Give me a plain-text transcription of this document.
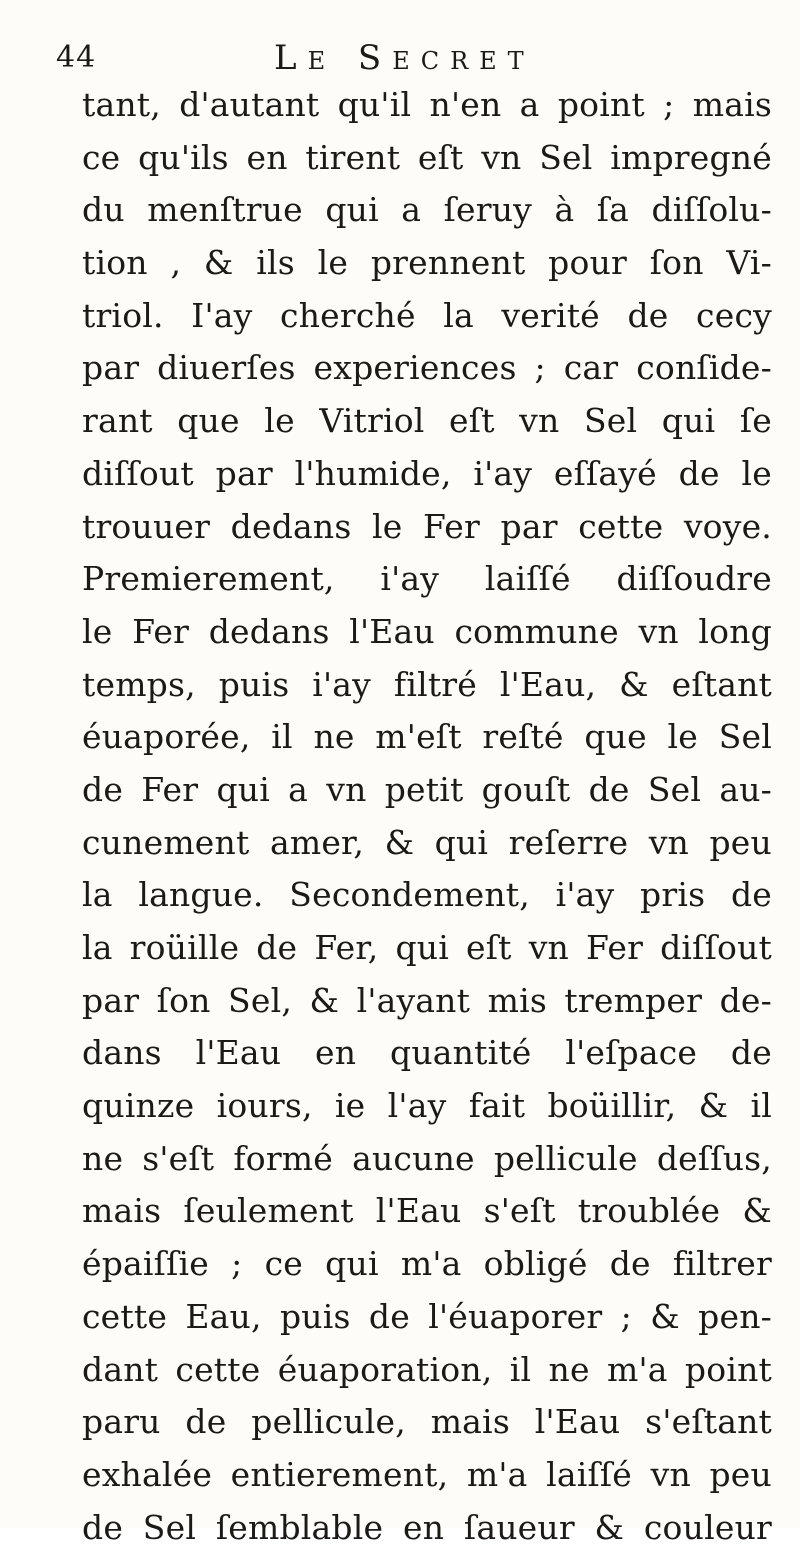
44	Le Secret
tant, d'autant qu'il n'en a point ; mais
ce qu'ils en tirent eſt vn Sel impregné
du menſtrue qui a ſeruy à ſa diſſolu-
tion , & ils le prennent pour ſon Vi-
triol. I'ay cherché la verité de cecy
par diuerſes experiences ; car conſide-
rant que le Vitriol eſt vn Sel qui ſe
diſſout par l'humide, i'ay eſſayé de le
trouuer dedans le Fer par cette voye.
Premierement, i'ay laiſſé diſſoudre
le Fer dedans l'Eau commune vn long
temps, puis i'ay filtré l'Eau, & eſtant
éuaporée, il ne m'eſt reſté que le Sel
de Fer qui a vn petit gouſt de Sel au-
cunement amer, & qui reſerre vn peu
la langue. Secondement, i'ay pris de
la roüille de Fer, qui eſt vn Fer diſſout
par ſon Sel, & l'ayant mis tremper de-
dans l'Eau en quantité l'eſpace de
quinze iours, ie l'ay fait boüillir, & il
ne s'eſt formé aucune pellicule deſſus,
mais ſeulement l'Eau s'eſt troublée &
épaiſſie ; ce qui m'a obligé de filtrer
cette Eau, puis de l'éuaporer ; & pen-
dant cette éuaporation, il ne m'a point
paru de pellicule, mais l'Eau s'eſtant
exhalée entierement, m'a laiſſé vn peu
de Sel ſemblable en ſaueur & couleur
